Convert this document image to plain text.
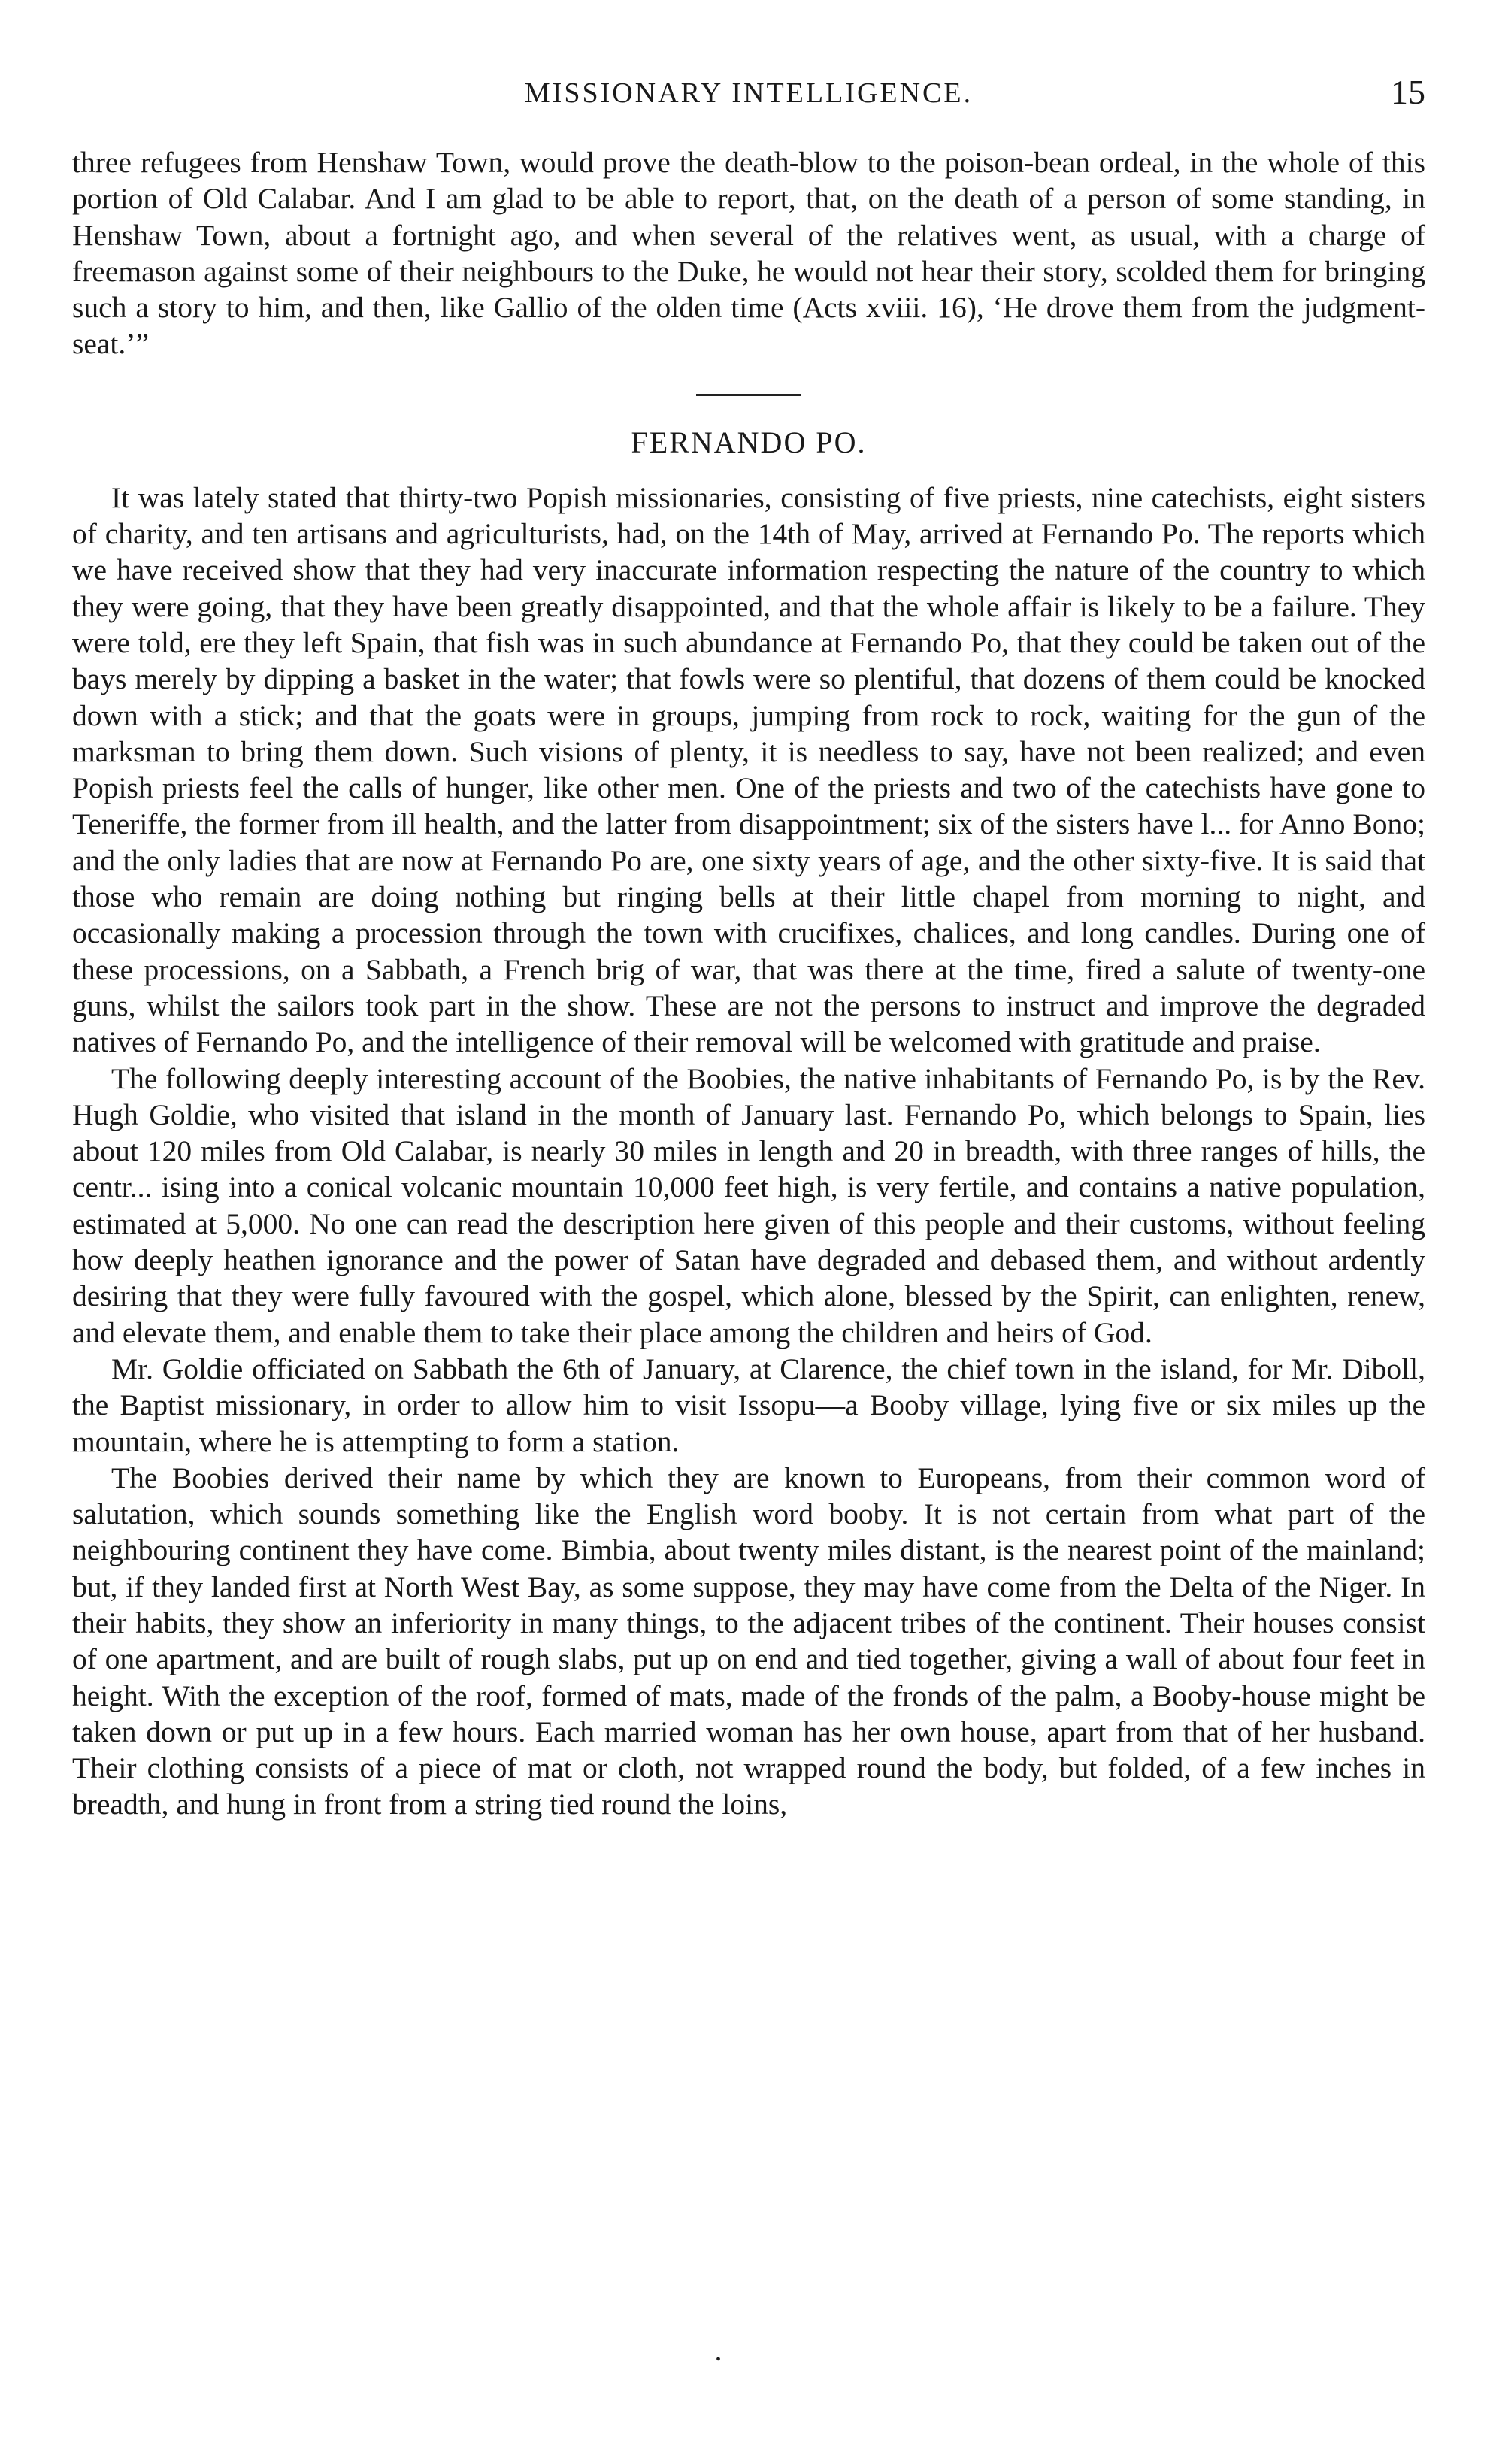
MISSIONARY INTELLIGENCE.	15

three refugees from Henshaw Town, would prove the death-blow to the poison-bean ordeal, in the whole of this portion of Old Calabar. And I am glad to be able to report, that, on the death of a person of some standing, in Henshaw Town, about a fortnight ago, and when several of the relatives went, as usual, with a charge of freemason against some of their neighbours to the Duke, he would not hear their story, scolded them for bringing such a story to him, and then, like Gallio of the olden time (Acts xviii. 16), ‘He drove them from the judgment-seat.’”

FERNANDO PO.

It was lately stated that thirty-two Popish missionaries, consisting of five priests, nine catechists, eight sisters of charity, and ten artisans and agriculturists, had, on the 14th of May, arrived at Fernando Po. The reports which we have received show that they had very inaccurate information respecting the nature of the country to which they were going, that they have been greatly disappointed, and that the whole affair is likely to be a failure. They were told, ere they left Spain, that fish was in such abundance at Fernando Po, that they could be taken out of the bays merely by dipping a basket in the water; that fowls were so plentiful, that dozens of them could be knocked down with a stick; and that the goats were in groups, jumping from rock to rock, waiting for the gun of the marksman to bring them down. Such visions of plenty, it is needless to say, have not been realized; and even Popish priests feel the calls of hunger, like other men. One of the priests and two of the catechists have gone to Teneriffe, the former from ill health, and the latter from disappointment; six of the sisters have l... for Anno Bono; and the only ladies that are now at Fernando Po are, one sixty years of age, and the other sixty-five. It is said that those who remain are doing nothing but ringing bells at their little chapel from morning to night, and occasionally making a procession through the town with crucifixes, chalices, and long candles. During one of these processions, on a Sabbath, a French brig of war, that was there at the time, fired a salute of twenty-one guns, whilst the sailors took part in the show. These are not the persons to instruct and improve the degraded natives of Fernando Po, and the intelligence of their removal will be welcomed with gratitude and praise.

The following deeply interesting account of the Boobies, the native inhabitants of Fernando Po, is by the Rev. Hugh Goldie, who visited that island in the month of January last. Fernando Po, which belongs to Spain, lies about 120 miles from Old Calabar, is nearly 30 miles in length and 20 in breadth, with three ranges of hills, the centr... ising into a conical volcanic mountain 10,000 feet high, is very fertile, and contains a native population, estimated at 5,000. No one can read the description here given of this people and their customs, without feeling how deeply heathen ignorance and the power of Satan have degraded and debased them, and without ardently desiring that they were fully favoured with the gospel, which alone, blessed by the Spirit, can enlighten, renew, and elevate them, and enable them to take their place among the children and heirs of God.

Mr. Goldie officiated on Sabbath the 6th of January, at Clarence, the chief town in the island, for Mr. Diboll, the Baptist missionary, in order to allow him to visit Issopu—a Booby village, lying five or six miles up the mountain, where he is attempting to form a station.

The Boobies derived their name by which they are known to Europeans, from their common word of salutation, which sounds something like the English word booby. It is not certain from what part of the neighbouring continent they have come. Bimbia, about twenty miles distant, is the nearest point of the mainland; but, if they landed first at North West Bay, as some suppose, they may have come from the Delta of the Niger. In their habits, they show an inferiority in many things, to the adjacent tribes of the continent. Their houses consist of one apartment, and are built of rough slabs, put up on end and tied together, giving a wall of about four feet in height. With the exception of the roof, formed of mats, made of the fronds of the palm, a Booby-house might be taken down or put up in a few hours. Each married woman has her own house, apart from that of her husband. Their clothing consists of a piece of mat or cloth, not wrapped round the body, but folded, of a few inches in breadth, and hung in front from a string tied round the loins,

•
